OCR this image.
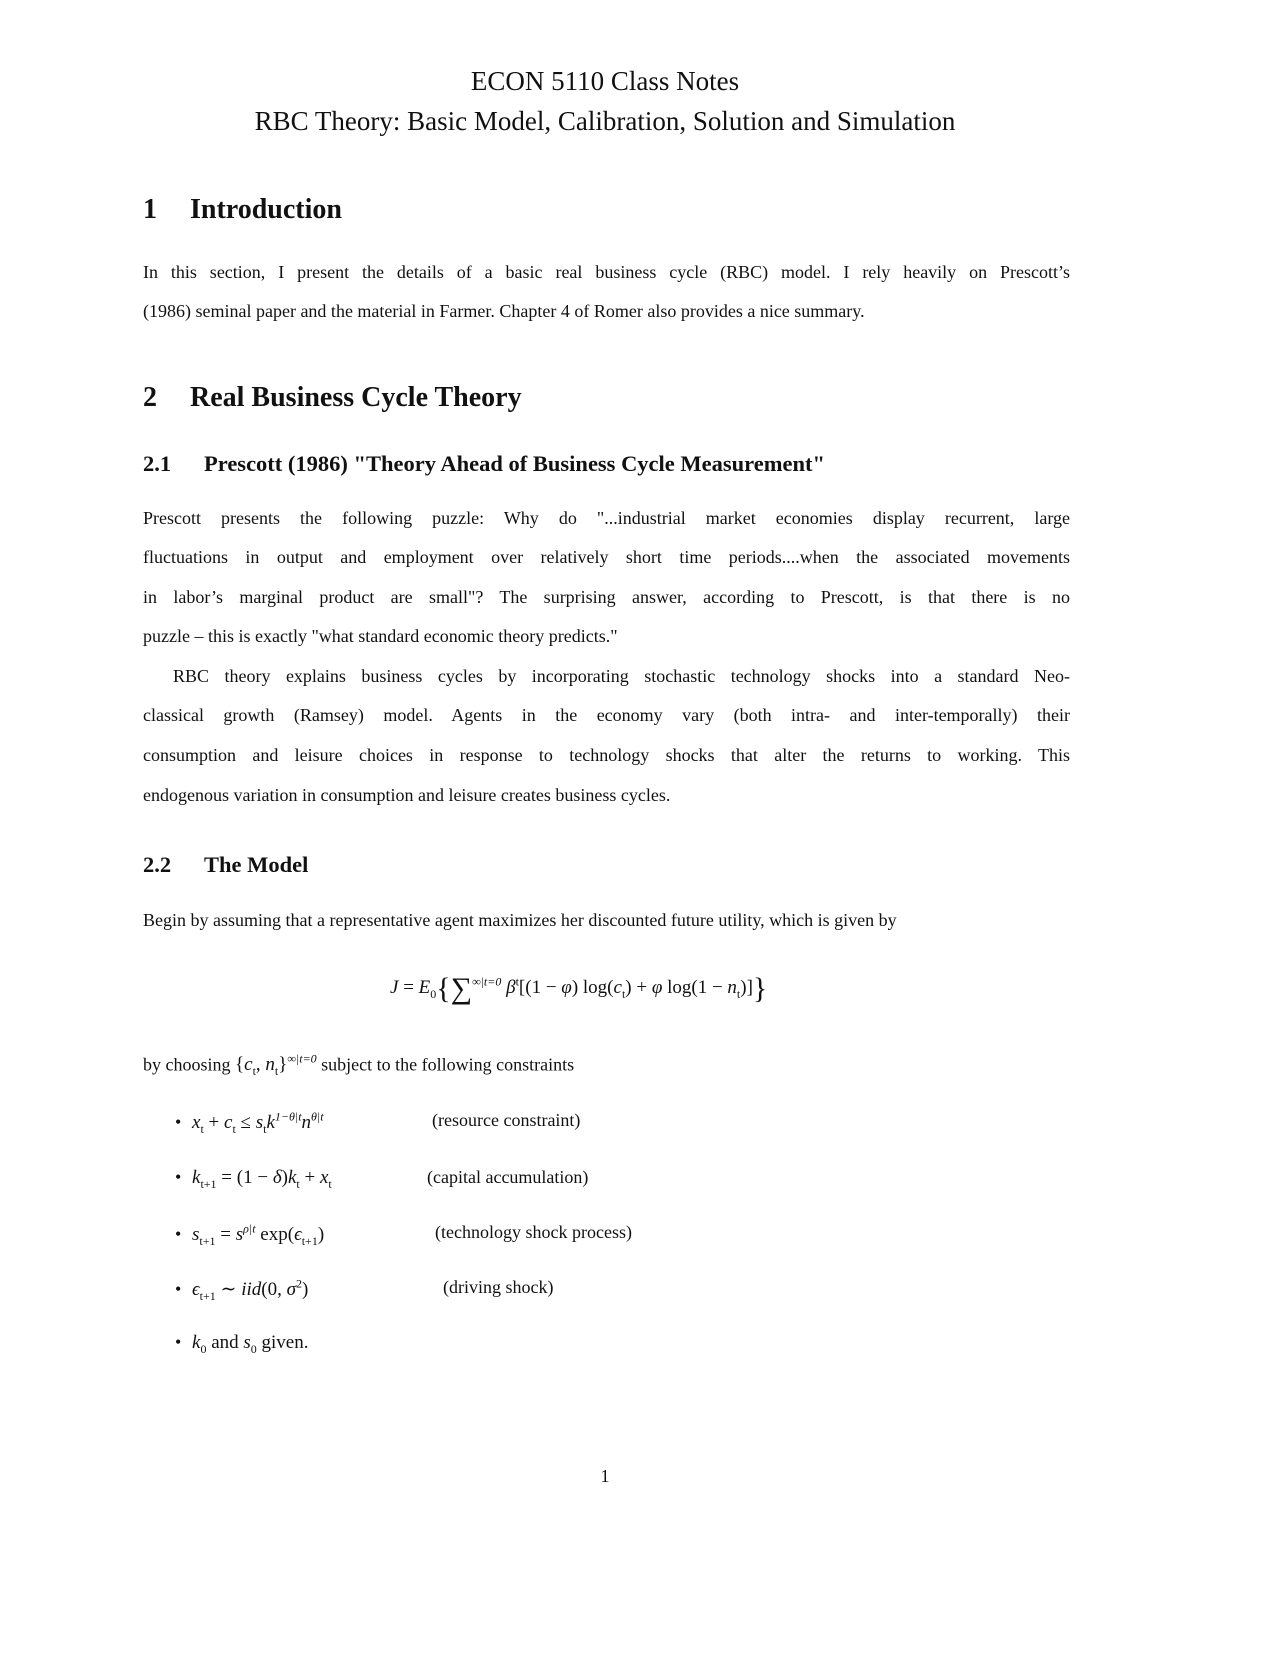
ECON 5110 Class Notes
RBC Theory: Basic Model, Calibration, Solution and Simulation
1 Introduction
In this section, I present the details of a basic real business cycle (RBC) model. I rely heavily on Prescott’s
(1986) seminal paper and the material in Farmer. Chapter 4 of Romer also provides a nice summary.
2 Real Business Cycle Theory
2.1 Prescott (1986) "Theory Ahead of Business Cycle Measurement"
Prescott presents the following puzzle: Why do "...industrial market economies display recurrent, large
fluctuations in output and employment over relatively short time periods....when the associated movements
in labor’s marginal product are small"? The surprising answer, according to Prescott, is that there is no
puzzle – this is exactly "what standard economic theory predicts."
RBC theory explains business cycles by incorporating stochastic technology shocks into a standard Neo-
classical growth (Ramsey) model. Agents in the economy vary (both intra- and inter-temporally) their
consumption and leisure choices in response to technology shocks that alter the returns to working. This
endogenous variation in consumption and leisure creates business cycles.
2.2 The Model
Begin by assuming that a representative agent maximizes her discounted future utility, which is given by
$J = E_0\{\sum^{\infty|t=0}$ $\beta^t[(1 - \varphi) \log(c_t) + \varphi$ $\log(1 - n_t)$]}
by choosing {$c_t$, $n_t\}^{\infty|t=0}$ subject to the following constraints
• $x_t + c_t \le s_tk^{1-\theta|t}n^{\theta|t}$	(resource constraint)
• $k_{t+1} = (1 - \delta)k_t + x_t$	(capital accumulation)
• $s_{t+1} = s^{\rho|t}$ $\exp(\epsilon_{t+1})$	(technology shock process)
• $\epsilon_{t+1}$ ∼ iid(0, $\sigma^2$)	(driving shock)
• $k_0$ and $s_0$ given.
1
